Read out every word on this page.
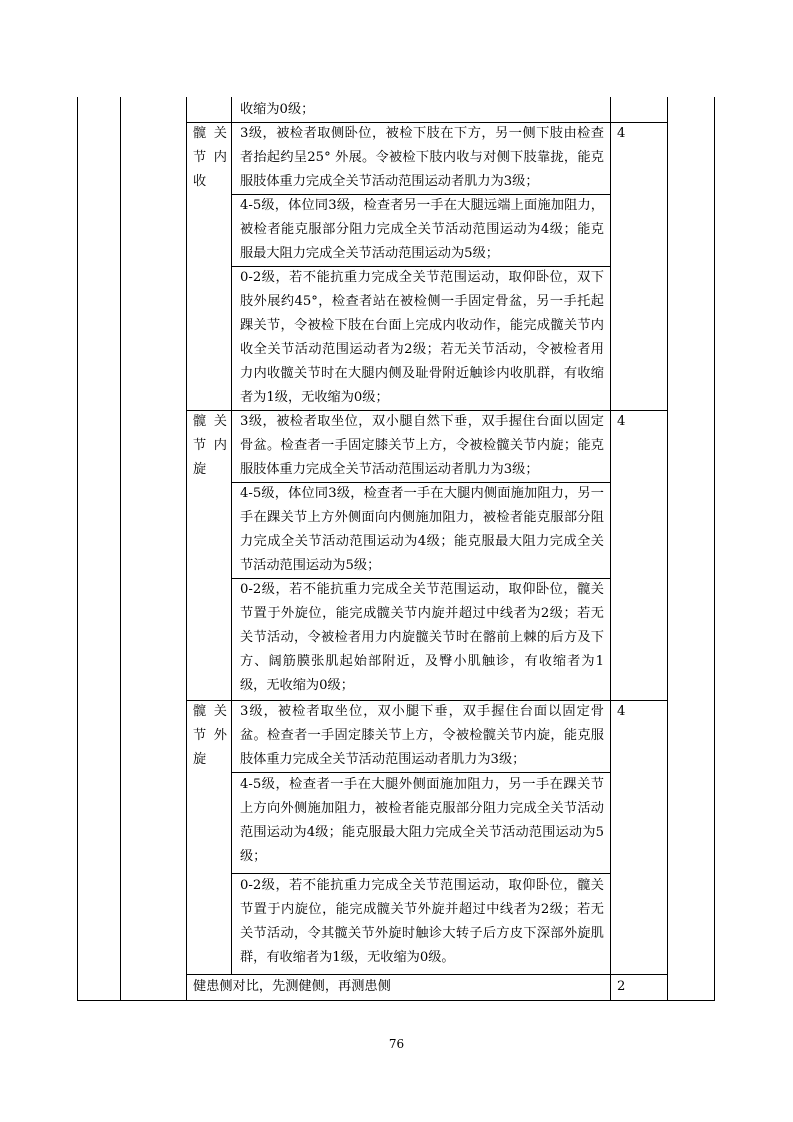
收缩为0级；
髋关节内收
4
3级，被检者取侧卧位，被检下肢在下方，另一侧下肢由检查者抬起约呈25° 外展。令被检下肢内收与对侧下肢靠拢，能克服肢体重力完成全关节活动范围运动者肌力为3级；
4-5级，体位同3级，检查者另一手在大腿远端上面施加阻力，被检者能克服部分阻力完成全关节活动范围运动为4级；能克服最大阻力完成全关节活动范围运动为5级；
0-2级，若不能抗重力完成全关节范围运动，取仰卧位，双下肢外展约45°，检查者站在被检侧一手固定骨盆，另一手托起踝关节，令被检下肢在台面上完成内收动作，能完成髋关节内收全关节活动范围运动者为2级；若无关节活动，令被检者用力内收髋关节时在大腿内侧及耻骨附近触诊内收肌群，有收缩者为1级，无收缩为0级；
髋关节内旋
4
3级，被检者取坐位，双小腿自然下垂，双手握住台面以固定骨盆。检查者一手固定膝关节上方，令被检髋关节内旋；能克服肢体重力完成全关节活动范围运动者肌力为3级；
4-5级，体位同3级，检查者一手在大腿内侧面施加阻力，另一手在踝关节上方外侧面向内侧施加阻力，被检者能克服部分阻力完成全关节活动范围运动为4级；能克服最大阻力完成全关节活动范围运动为5级；
0-2级，若不能抗重力完成全关节范围运动，取仰卧位，髋关节置于外旋位，能完成髋关节内旋并超过中线者为2级；若无关节活动，令被检者用力内旋髋关节时在髂前上棘的后方及下方、阔筋膜张肌起始部附近，及臀小肌触诊，有收缩者为1级，无收缩为0级；
髋关节外旋
4
3级，被检者取坐位，双小腿下垂，双手握住台面以固定骨盆。检查者一手固定膝关节上方，令被检髋关节内旋，能克服肢体重力完成全关节活动范围运动者肌力为3级；
4-5级，检查者一手在大腿外侧面施加阻力，另一手在踝关节上方向外侧施加阻力，被检者能克服部分阻力完成全关节活动范围运动为4级；能克服最大阻力完成全关节活动范围运动为5级；
0-2级，若不能抗重力完成全关节范围运动，取仰卧位，髋关节置于内旋位，能完成髋关节外旋并超过中线者为2级；若无关节活动，令其髋关节外旋时触诊大转子后方皮下深部外旋肌群，有收缩者为1级，无收缩为0级。
健患侧对比，先测健侧，再测患侧	2
76
